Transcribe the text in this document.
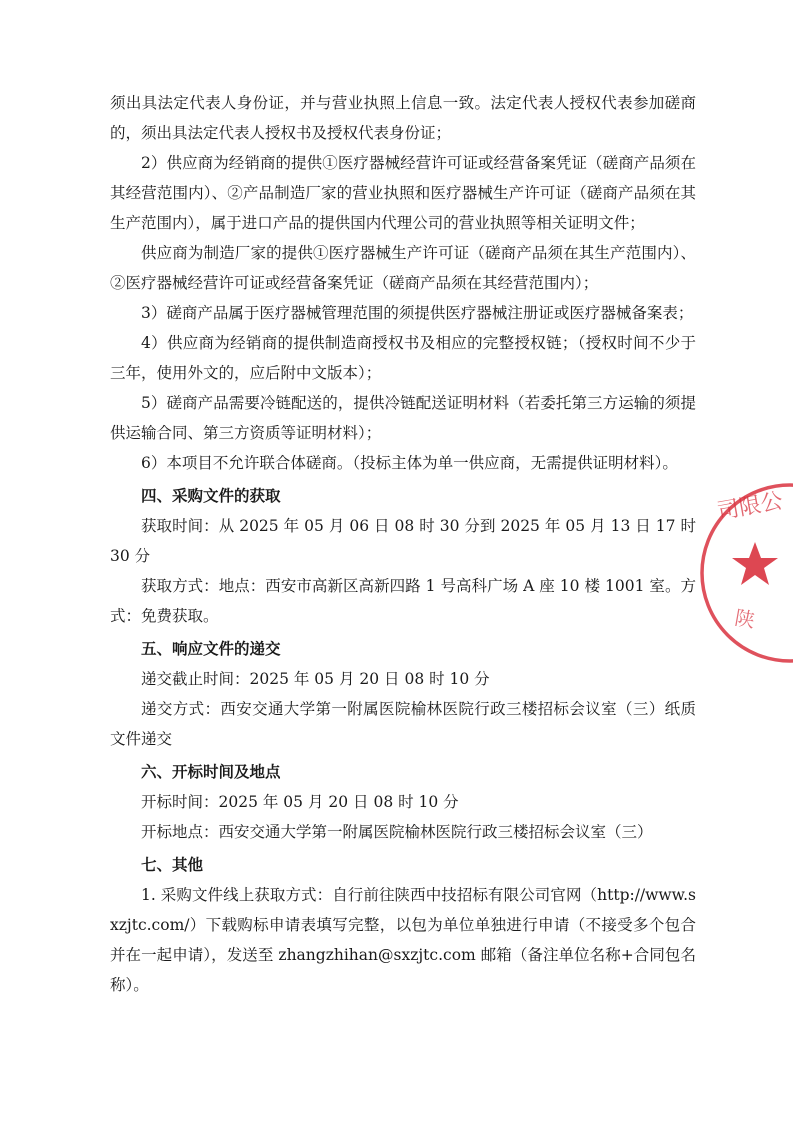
须出具法定代表人身份证，并与营业执照上信息一致。法定代表人授权代表参加磋商的，须出具法定代表人授权书及授权代表身份证；

2）供应商为经销商的提供①医疗器械经营许可证或经营备案凭证（磋商产品须在其经营范围内）、②产品制造厂家的营业执照和医疗器械生产许可证（磋商产品须在其生产范围内），属于进口产品的提供国内代理公司的营业执照等相关证明文件；

供应商为制造厂家的提供①医疗器械生产许可证（磋商产品须在其生产范围内）、②医疗器械经营许可证或经营备案凭证（磋商产品须在其经营范围内）；

3）磋商产品属于医疗器械管理范围的须提供医疗器械注册证或医疗器械备案表；

4）供应商为经销商的提供制造商授权书及相应的完整授权链；（授权时间不少于三年，使用外文的，应后附中文版本）；

5）磋商产品需要冷链配送的，提供冷链配送证明材料（若委托第三方运输的须提供运输合同、第三方资质等证明材料）；

6）本项目不允许联合体磋商。（投标主体为单一供应商，无需提供证明材料）。

四、采购文件的获取

获取时间：从 2025 年 05 月 06 日 08 时 30 分到 2025 年 05 月 13 日 17 时 30 分

获取方式：地点：西安市高新区高新四路 1 号高科广场 A 座 10 楼 1001 室。方式：免费获取。

五、响应文件的递交

递交截止时间：2025 年 05 月 20 日 08 时 10 分

递交方式：西安交通大学第一附属医院榆林医院行政三楼招标会议室（三）纸质文件递交

六、开标时间及地点

开标时间：2025 年 05 月 20 日 08 时 10 分

开标地点：西安交通大学第一附属医院榆林医院行政三楼招标会议室（三）

七、其他

1. 采购文件线上获取方式：自行前往陕西中技招标有限公司官网（http://www.sxzjtc.com/）下载购标申请表填写完整，以包为单位单独进行申请（不接受多个包合并在一起申请），发送至 zhangzhihan@sxzjtc.com 邮箱（备注单位名称+合同包名称）。

司限公
陕
